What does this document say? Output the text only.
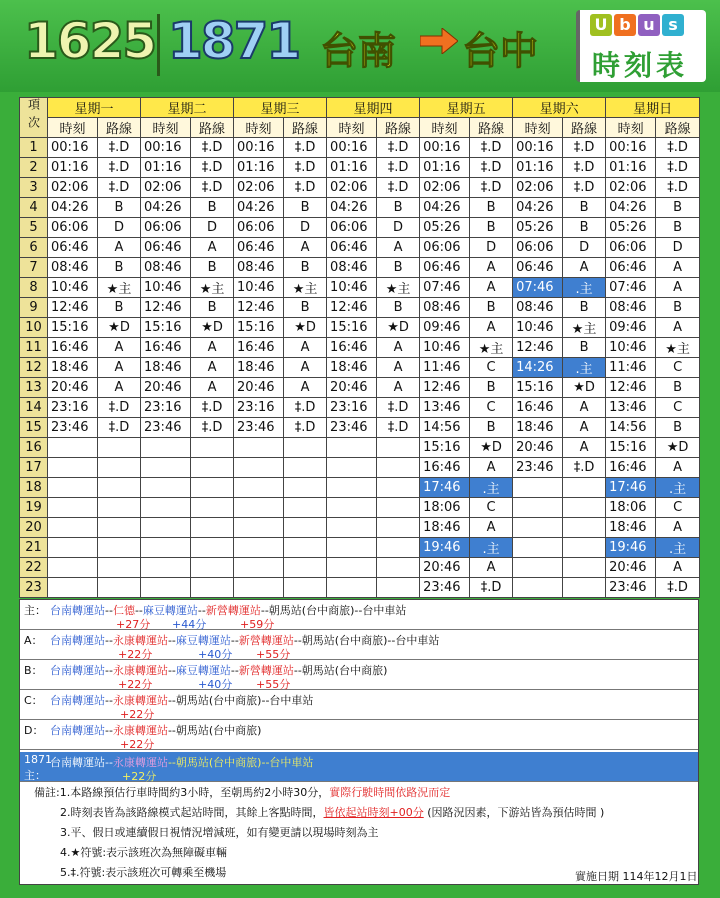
1625 1871 台南 台中
U b u s
時刻表
項次	星期一		星期二		星期三		星期四		星期五		星期六		星期日	
	時刻	路線	時刻	路線	時刻	路線	時刻	路線	時刻	路線	時刻	路線	時刻	路線
1	00:16	‡.D	00:16	‡.D	00:16	‡.D	00:16	‡.D	00:16	‡.D	00:16	‡.D	00:16	‡.D
2	01:16	‡.D	01:16	‡.D	01:16	‡.D	01:16	‡.D	01:16	‡.D	01:16	‡.D	01:16	‡.D
3	02:06	‡.D	02:06	‡.D	02:06	‡.D	02:06	‡.D	02:06	‡.D	02:06	‡.D	02:06	‡.D
4	04:26	B	04:26	B	04:26	B	04:26	B	04:26	B	04:26	B	04:26	B
5	06:06	D	06:06	D	06:06	D	06:06	D	05:26	B	05:26	B	05:26	B
6	06:46	A	06:46	A	06:46	A	06:46	A	06:06	D	06:06	D	06:06	D
7	08:46	B	08:46	B	08:46	B	08:46	B	06:46	A	06:46	A	06:46	A
8	10:46	★主	10:46	★主	10:46	★主	10:46	★主	07:46	A	07:46	.主	07:46	A
9	12:46	B	12:46	B	12:46	B	12:46	B	08:46	B	08:46	B	08:46	B
10	15:16	★D	15:16	★D	15:16	★D	15:16	★D	09:46	A	10:46	★主	09:46	A
11	16:46	A	16:46	A	16:46	A	16:46	A	10:46	★主	12:46	B	10:46	★主
12	18:46	A	18:46	A	18:46	A	18:46	A	11:46	C	14:26	.主	11:46	C
13	20:46	A	20:46	A	20:46	A	20:46	A	12:46	B	15:16	★D	12:46	B
14	23:16	‡.D	23:16	‡.D	23:16	‡.D	23:16	‡.D	13:46	C	16:46	A	13:46	C
15	23:46	‡.D	23:46	‡.D	23:46	‡.D	23:46	‡.D	14:56	B	18:46	A	14:56	B
16									15:16	★D	20:46	A	15:16	★D
17									16:46	A	23:46	‡.D	16:46	A
18									17:46	.主			17:46	.主
19									18:06	C			18:06	C
20									18:46	A			18:46	A
21									19:46	.主			19:46	.主
22									20:46	A			20:46	A
23									23:46	‡.D			23:46	‡.D
主： 台南轉運站--仁德--麻豆轉運站--新營轉運站--朝馬站(台中商旅)--台中車站
+27分 +44分	+59分
A： 台南轉運站--永康轉運站--麻豆轉運站--新營轉運站--朝馬站(台中商旅)--台中車站
+22分	+40分 +55分
B： 台南轉運站--永康轉運站--麻豆轉運站--新營轉運站--朝馬站(台中商旅)
+22分	+40分 +55分
C： 台南轉運站--永康轉運站--朝馬站(台中商旅)--台中車站
+22分
D： 台南轉運站--永康轉運站--朝馬站(台中商旅)
+22分
1871
主：
台南轉運站--永康轉運站--朝馬站(台中商旅)--台中車站
+22分
備註:1.本路線預估行車時間約3小時，至朝馬約2小時30分，實際行駛時間依路況而定
2.時刻表皆為該路線模式起站時間，其餘上客點時間，皆依起站時刻+00分 (因路況因素，下游站皆為預估時間 )
3.平、假日或連續假日視情況增減班，如有變更請以現場時刻為主
4.★符號:表示該班次為無障礙車輛
5.‡.符號:表示該班次可轉乘至機場	實施日期 114年12月1日
